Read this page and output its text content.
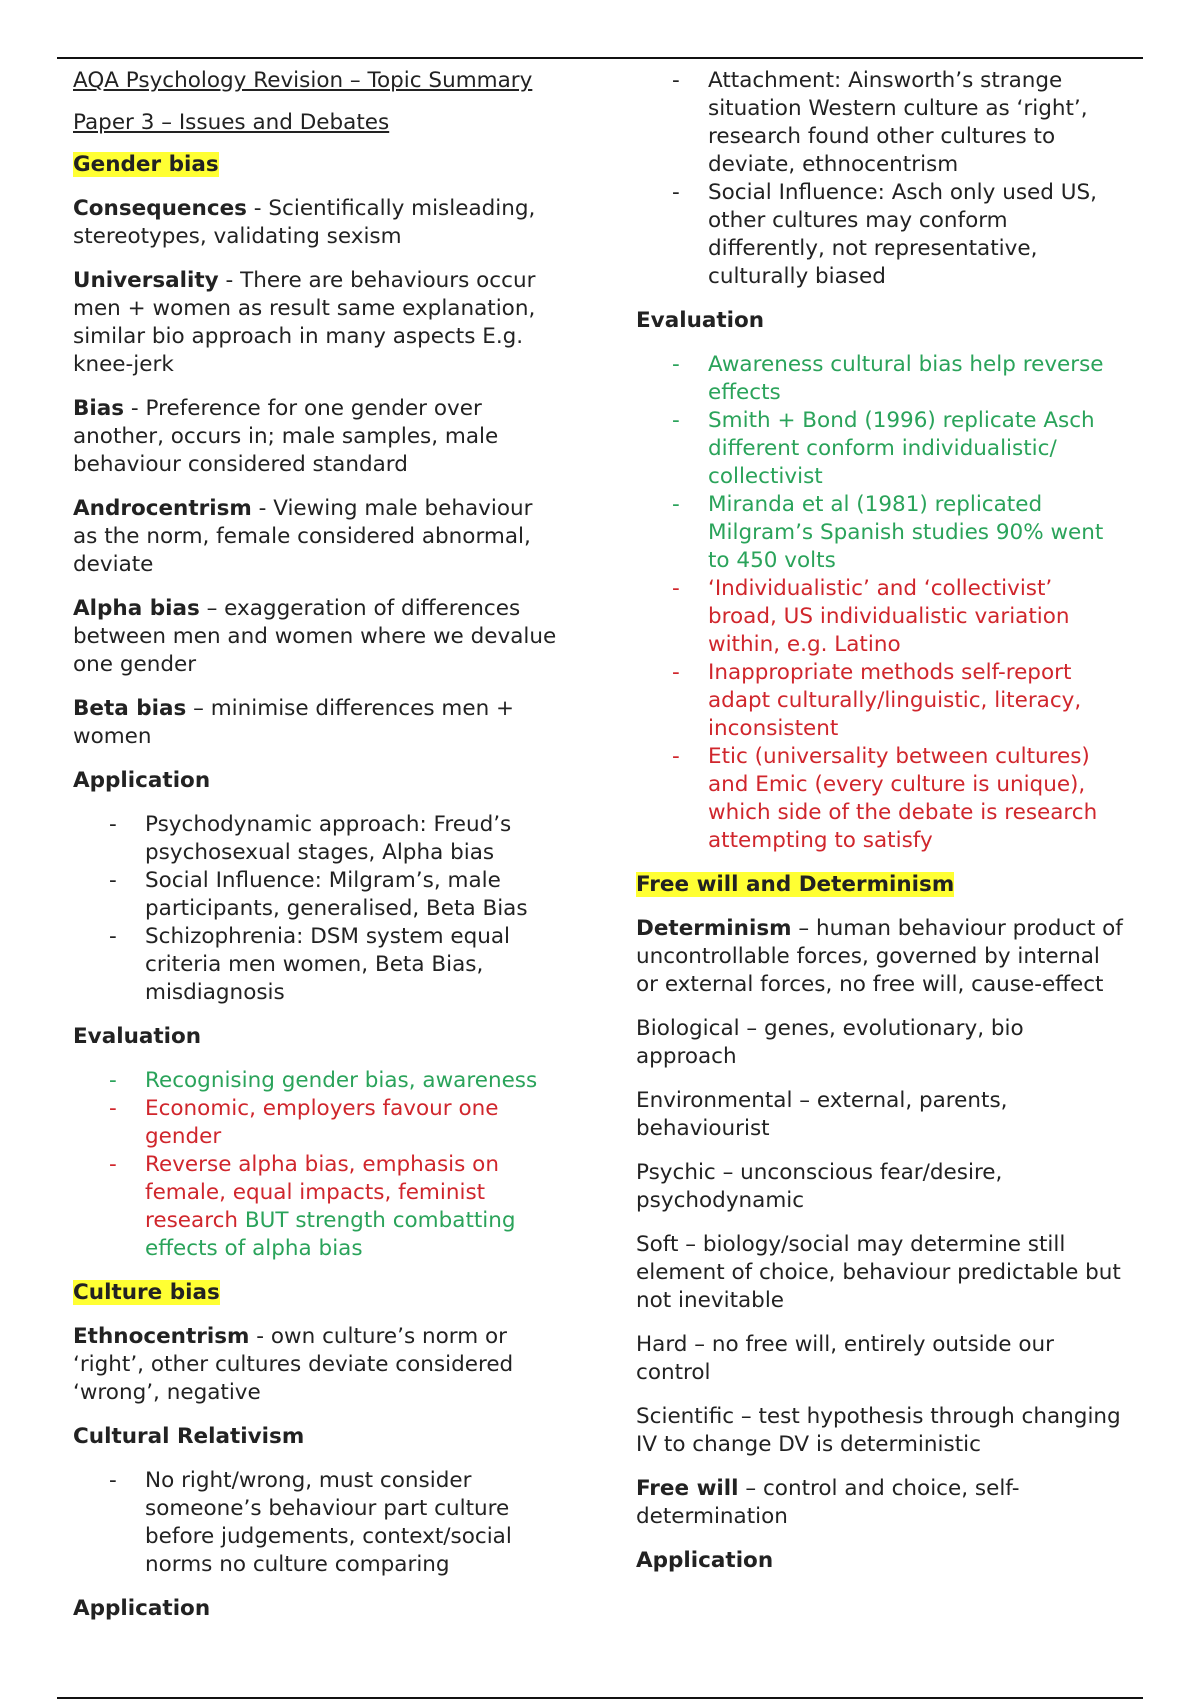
AQA Psychology Revision – Topic Summary

Paper 3 – Issues and Debates

Gender bias

Consequences - Scientifically misleading, stereotypes, validating sexism

Universality - There are behaviours occur men + women as result same explanation, similar bio approach in many aspects E.g. knee-jerk

Bias - Preference for one gender over another, occurs in; male samples, male behaviour considered standard

Androcentrism - Viewing male behaviour as the norm, female considered abnormal, deviate

Alpha bias – exaggeration of differences between men and women where we devalue one gender

Beta bias – minimise differences men + women

Application

- Psychodynamic approach: Freud’s psychosexual stages, Alpha bias
- Social Influence: Milgram’s, male participants, generalised, Beta Bias
- Schizophrenia: DSM system equal criteria men women, Beta Bias, misdiagnosis

Evaluation

- Recognising gender bias, awareness
- Economic, employers favour one gender
- Reverse alpha bias, emphasis on female, equal impacts, feminist research BUT strength combatting effects of alpha bias

Culture bias

Ethnocentrism - own culture’s norm or ‘right’, other cultures deviate considered ‘wrong’, negative

Cultural Relativism

- No right/wrong, must consider someone’s behaviour part culture before judgements, context/social norms no culture comparing

Application

- Attachment: Ainsworth’s strange situation Western culture as ‘right’, research found other cultures to deviate, ethnocentrism
- Social Influence: Asch only used US, other cultures may conform differently, not representative, culturally biased

Evaluation

- Awareness cultural bias help reverse effects
- Smith + Bond (1996) replicate Asch different conform individualistic/ collectivist
- Miranda et al (1981) replicated Milgram’s Spanish studies 90% went to 450 volts
- ‘Individualistic’ and ‘collectivist’ broad, US individualistic variation within, e.g. Latino
- Inappropriate methods self-report adapt culturally/linguistic, literacy, inconsistent
- Etic (universality between cultures) and Emic (every culture is unique), which side of the debate is research attempting to satisfy

Free will and Determinism

Determinism – human behaviour product of uncontrollable forces, governed by internal or external forces, no free will, cause-effect

Biological – genes, evolutionary, bio approach

Environmental – external, parents, behaviourist

Psychic – unconscious fear/desire, psychodynamic

Soft – biology/social may determine still element of choice, behaviour predictable but not inevitable

Hard – no free will, entirely outside our control

Scientific – test hypothesis through changing IV to change DV is deterministic

Free will – control and choice, self-determination

Application
